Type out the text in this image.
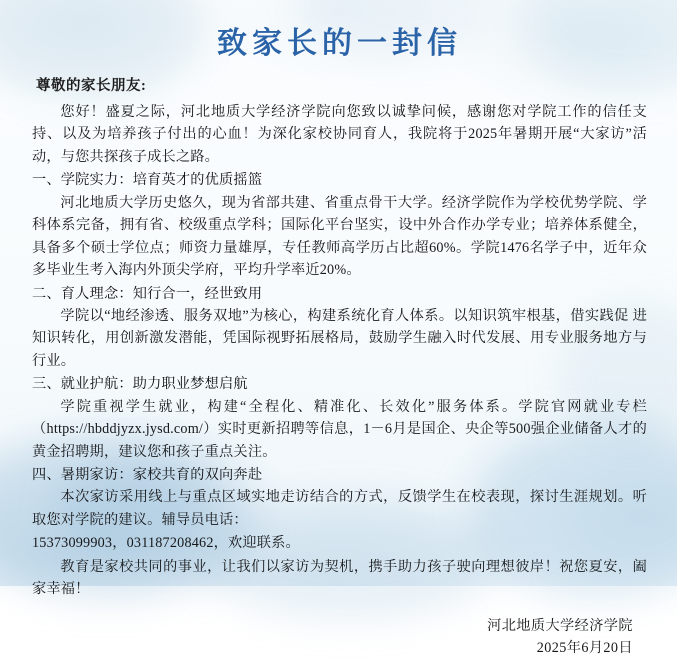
致家长的一封信
尊敬的家长朋友:

您好！盛夏之际，河北地质大学经济学院向您致以诚挚问候，感谢您对学院工作的信任支持、以及为培养孩子付出的心血！为深化家校协同育人，我院将于2025年暑期开展“大家访”活动，与您共探孩子成长之路。

一、学院实力：培育英才的优质摇篮

河北地质大学历史悠久，现为省部共建、省重点骨干大学。经济学院作为学校优势学院、学科体系完备，拥有省、校级重点学科；国际化平台坚实，设中外合作办学专业；培养体系健全，具备多个硕士学位点；师资力量雄厚，专任教师高学历占比超60%。学院1476名学子中，近年众多毕业生考入海内外顶尖学府，平均升学率近20%。

二、育人理念：知行合一，经世致用

学院以“地经渗透、服务双地”为核心，构建系统化育人体系。以知识筑牢根基，借实践促 进知识转化，用创新激发潜能，凭国际视野拓展格局，鼓励学生融入时代发展、用专业服务地方与行业。

三、就业护航：助力职业梦想启航

学院重视学生就业，构建“全程化、精准化、长效化”服务体系。学院官网就业专栏（https://hbddjyzx.jysd.com/）实时更新招聘等信息，1－6月是国企、央企等500强企业储备人才的黄金招聘期，建议您和孩子重点关注。

四、暑期家访：家校共育的双向奔赴

本次家访采用线上与重点区域实地走访结合的方式，反馈学生在校表现，探讨生涯规划。听取您对学院的建议。辅导员电话：

15373099903，031187208462，欢迎联系。

教育是家校共同的事业，让我们以家访为契机，携手助力孩子驶向理想彼岸！祝您夏安，阖家幸福！

河北地质大学经济学院
2025年6月20日
